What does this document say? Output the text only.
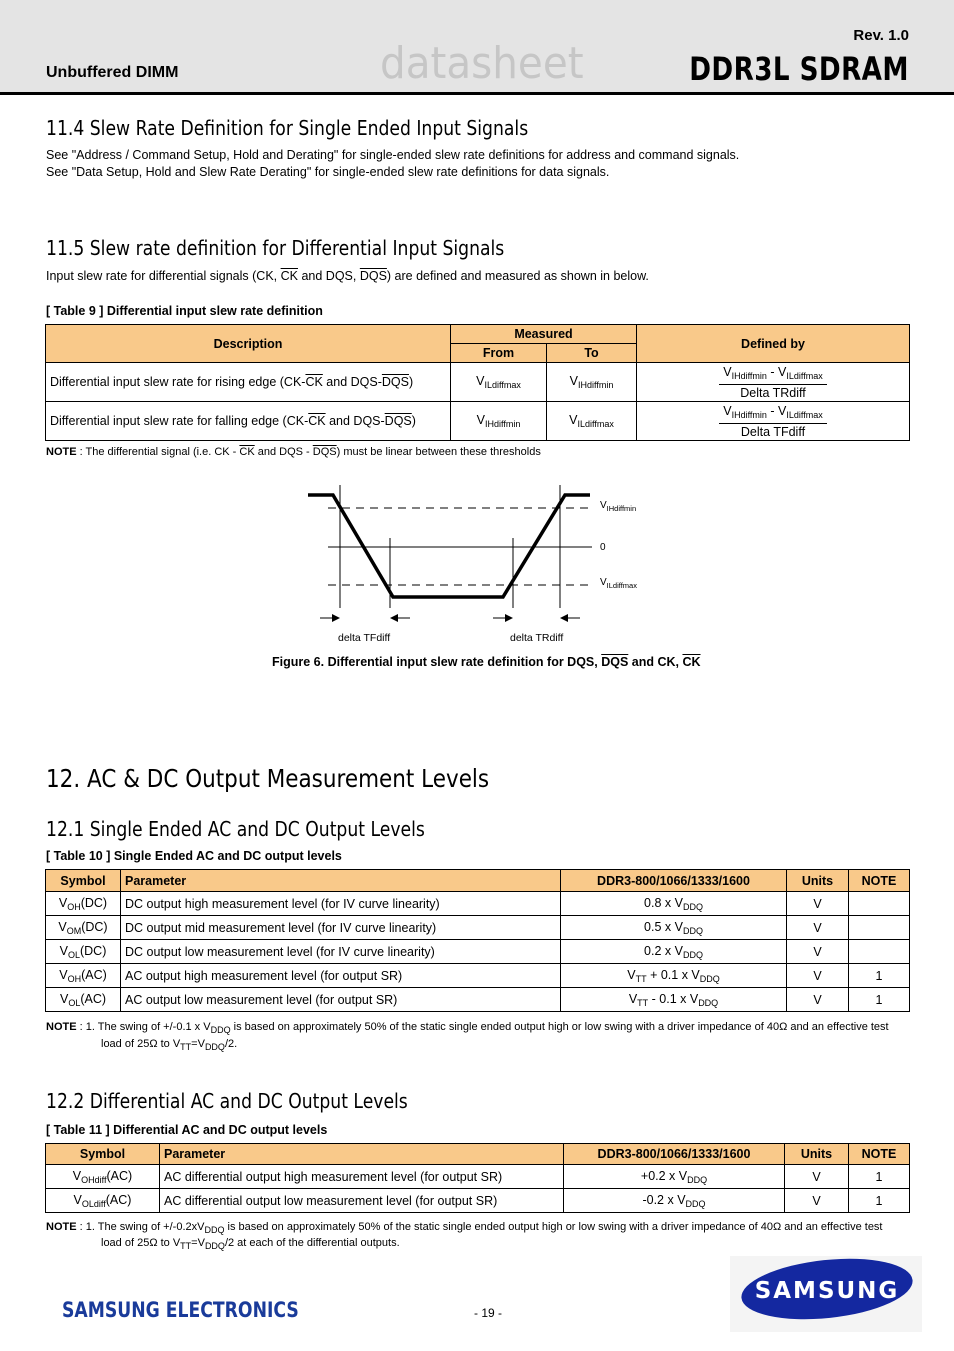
Rev. 1.0
DDR3L SDRAM
Unbuffered DIMM	datasheet
11.4 Slew Rate Definition for Single Ended Input Signals
See "Address / Command Setup, Hold and Derating" for single-ended slew rate definitions for address and command signals.
See "Data Setup, Hold and Slew Rate Derating" for single-ended slew rate definitions for data signals.
11.5 Slew rate definition for Differential Input Signals
Input slew rate for differential signals (CK, $\overline{CK}$ and DQS, $\overline{DQS}$) are defined and measured as shown in below.
[ Table 9 ] Differential input slew rate definition
Description	Measured		Defined by
	From	To	
Differential input slew rate for rising edge ($CK-\overline{CK}$ and DQS-$\overline{DQS}$)	$V_{ILdiffmax}$	$V_{IHdiffmin}$	$\frac{V_{IHdiffmin} - V_{ILdiffmax}}{\text{Delta TRdiff}}$

Differential input slew rate for falling edge ($CK-\overline{CK}$ and DQS-$\overline{DQS}$)	$V_{IHdiffmin}$	$V_{ILdiffmax}$	$\frac{V_{IHdiffmin} - V_{ILdiffmax}}{\text{Delta TFdiff}}$
NOTE : The differential signal (i.e. CK - $\overline{CK}$ and DQS - $\overline{DQS}$) must be linear between these thresholds
$V_{IHdiffmin}$
0
$V_{ILdiffmax}$
delta TFdiff	delta TRdiff
Figure 6. Differential input slew rate definition for DQS, $\overline{DQS}$ and CK, $\overline{CK}$
12. AC & DC Output Measurement Levels
12.1 Single Ended AC and DC Output Levels
[ Table 10 ] Single Ended AC and DC output levels
Symbol	Parameter	DDR3-800/1066/1333/1600	Units	NOTE
$V_{OH}(DC)$	DC output high measurement level (for IV curve linearity)	0.8 x $V_{DDQ}$	V	
$V_{OM}(DC)$	DC output mid measurement level (for IV curve linearity)	0.5 x $V_{DDQ}$	V	
$V_{OL}(DC)$	DC output low measurement level (for IV curve linearity)	0.2 x $V_{DDQ}$	V	
$V_{OH}(AC)$	AC output high measurement level (for output SR)	$V_{TT} + 0.1$ x $V_{DDQ}$	V	1
$V_{OL}(AC)$	AC output low measurement level (for output SR)	$V_{TT} - 0.1$ x $V_{DDQ}$	V	1
NOTE : 1. The swing of +/-0.1 x $V_{DDQ}$ is based on approximately 50% of the static single ended output high or low swing with a driver impedance of 40Ω and an effective test
load of 25Ω to $V_{TT}=V_{DDQ}/2$.
12.2 Differential AC and DC Output Levels
[ Table 11 ] Differential AC and DC output levels
Symbol	Parameter	DDR3-800/1066/1333/1600	Units	NOTE
$V_{OHdiff}(AC)$	AC differential output high measurement level (for output SR)	+0.2 x $V_{DDQ}$	V	1
$V_{OLdiff}(AC)$	AC differential output low measurement level (for output SR)	-0.2 x $V_{DDQ}$	V	1
NOTE : 1. The swing of $+/-0.2xV_{DDQ}$ is based on approximately 50% of the static single ended output high or low swing with a driver impedance of 40Ω and an effective test
load of 25Ω to $V_{TT}=V_{DDQ}/2$ at each of the differential outputs.
SAMSUNG ELECTRONICS	- 19 -
SAMSUNG
